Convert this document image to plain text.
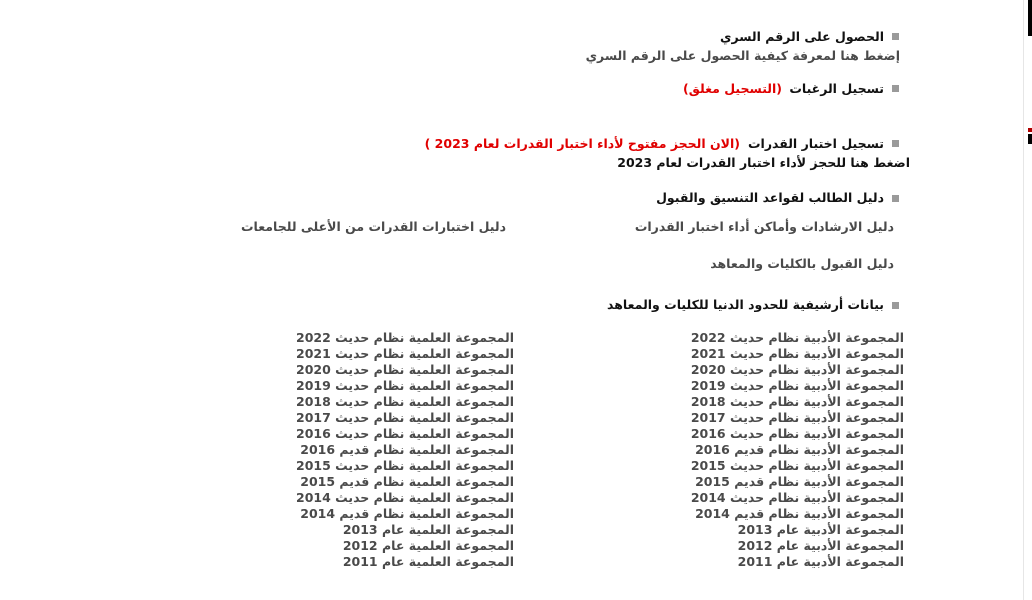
الحصول على الرقم السري
إضغط هنا لمعرفة كيفية الحصول على الرقم السري
تسجيل الرغبات
(التسجيل مغلق)
تسجيل اختبار القدرات
(الان الحجز مفتوح لأداء اختبار القدرات لعام 2023 )
اضغط هنا للحجز لأداء اختبار القدرات لعام 2023
دليل الطالب لقواعد التنسيق والقبول
دليل الارشادات وأماكن أداء اختبار القدرات
دليل اختبارات القدرات من الأعلى للجامعات
دليل القبول بالكليات والمعاهد
بيانات أرشيفية للحدود الدنيا للكليات والمعاهد
المجموعة الأدبية نظام حديث 2022
المجموعة الأدبية نظام حديث 2021
المجموعة الأدبية نظام حديث 2020
المجموعة الأدبية نظام حديث 2019
المجموعة الأدبية نظام حديث 2018
المجموعة الأدبية نظام حديث 2017
المجموعة الأدبية نظام حديث 2016
المجموعة الأدبية نظام قديم 2016
المجموعة الأدبية نظام حديث 2015
المجموعة الأدبية نظام قديم 2015
المجموعة الأدبية نظام حديث 2014
المجموعة الأدبية نظام قديم 2014
المجموعة الأدبية عام 2013
المجموعة الأدبية عام 2012
المجموعة الأدبية عام 2011
المجموعة العلمية نظام حديث 2022
المجموعة العلمية نظام حديث 2021
المجموعة العلمية نظام حديث 2020
المجموعة العلمية نظام حديث 2019
المجموعة العلمية نظام حديث 2018
المجموعة العلمية نظام حديث 2017
المجموعة العلمية نظام حديث 2016
المجموعة العلمية نظام قديم 2016
المجموعة العلمية نظام حديث 2015
المجموعة العلمية نظام قديم 2015
المجموعة العلمية نظام حديث 2014
المجموعة العلمية نظام قديم 2014
المجموعة العلمية عام 2013
المجموعة العلمية عام 2012
المجموعة العلمية عام 2011
